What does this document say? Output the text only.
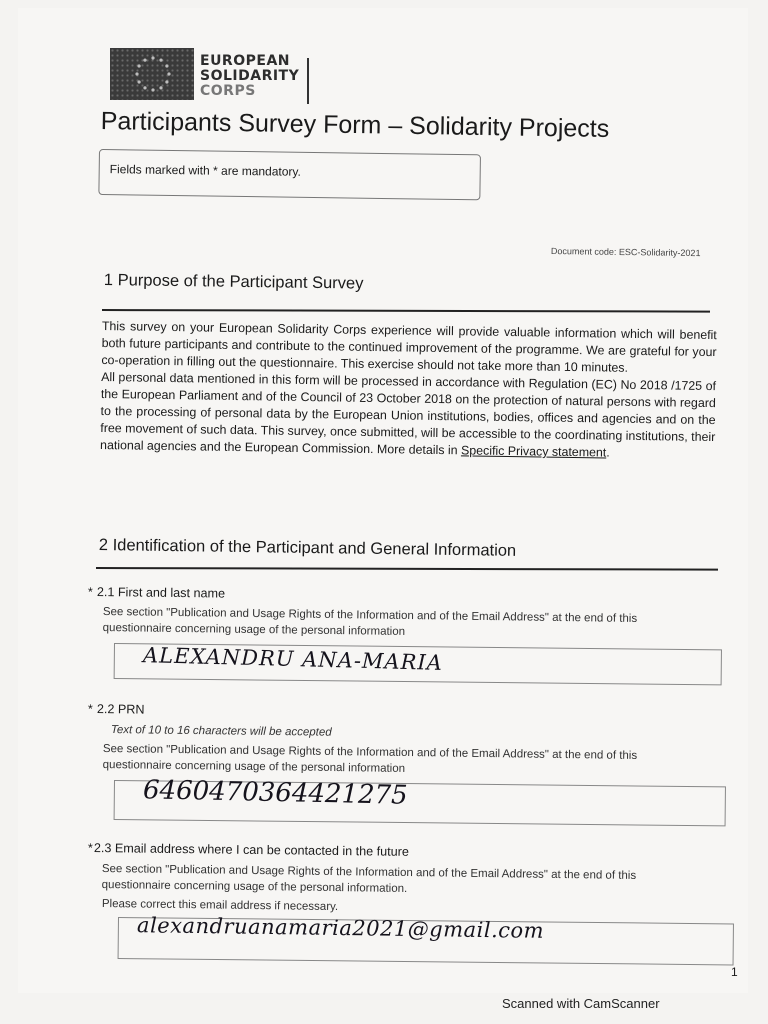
EUROPEAN
SOLIDARITY
CORPS
Participants Survey Form – Solidarity Projects
Fields marked with * are mandatory.
Document code: ESC-Solidarity-2021
1 Purpose of the Participant Survey

This survey on your European Solidarity Corps experience will provide valuable information which will benefit both future participants and contribute to the continued improvement of the programme. We are grateful for your co-operation in filling out the questionnaire. This exercise should not take more than 10 minutes.

All personal data mentioned in this form will be processed in accordance with Regulation (EC) No 2018 /1725 of the European Parliament and of the Council of 23 October 2018 on the protection of natural persons with regard to the processing of personal data by the European Union institutions, bodies, offices and agencies and on the free movement of such data. This survey, once submitted, will be accessible to the coordinating institutions, their national agencies and the European Commission. More details in Specific Privacy statement.

2 Identification of the Participant and General Information
* 2.1 First and last name
See section "Publication and Usage Rights of the Information and of the Email Address" at the end of this questionnaire concerning usage of the personal information
ALEXANDRU ANA-MARIA
* 2.2 PRN
Text of 10 to 16 characters will be accepted
See section "Publication and Usage Rights of the Information and of the Email Address" at the end of this questionnaire concerning usage of the personal information
6460470364421275
* 2.3 Email address where I can be contacted in the future
See section "Publication and Usage Rights of the Information and of the Email Address" at the end of this questionnaire concerning usage of the personal information.
Please correct this email address if necessary.
alexandruanamaria2021@gmail.com
1
Scanned with CamScanner
